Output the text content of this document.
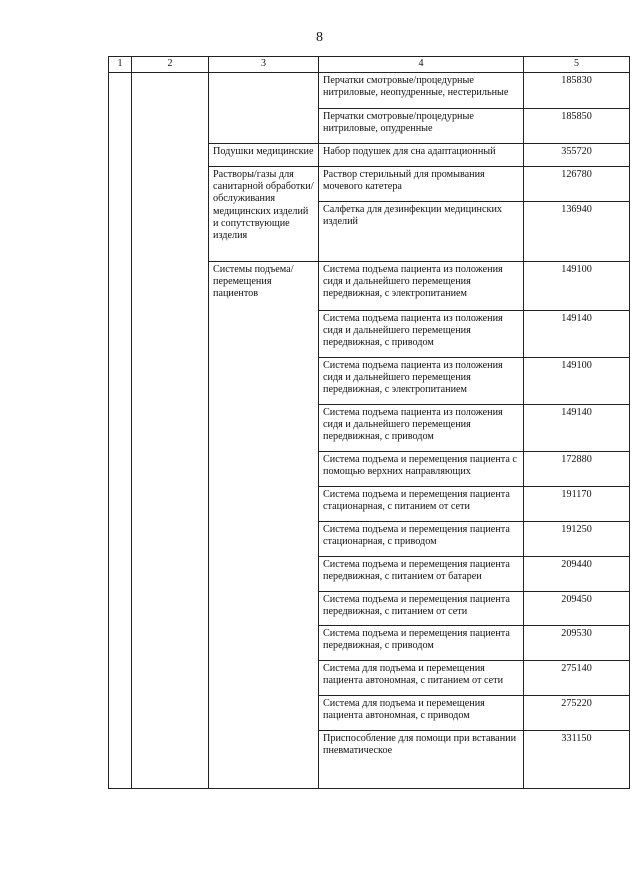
8
1	2	3	4	5
			Перчатки смотровые/процедурные нитриловые, неопудренные, нестерильные	185830
			Перчатки смотровые/процедурные нитриловые, опудренные	185850
		Подушки медицинские	Набор подушек для сна адаптационный	355720
		Растворы/газы для санитарной обработки/обслуживания медицинских изделий и сопутствующие изделия	Раствор стерильный для промывания мочевого катетера	126780
			Салфетка для дезинфекции медицинских изделий	136940
		Системы подъема/перемещения пациентов	Система подъема пациента из положения сидя и дальнейшего перемещения передвижная, с электропитанием	149100
			Система подъема пациента из положения сидя и дальнейшего перемещения передвижная, с приводом	149140
			Система подъема пациента из положения сидя и дальнейшего перемещения передвижная, с электропитанием	149100
			Система подъема пациента из положения сидя и дальнейшего перемещения передвижная, с приводом	149140
			Система подъема и перемещения пациента с помощью верхних направляющих	172880
			Система подъема и перемещения пациента стационарная, с питанием от сети	191170
			Система подъема и перемещения пациента стационарная, с приводом	191250
			Система подъема и перемещения пациента передвижная, с питанием от батареи	209440
			Система подъема и перемещения пациента передвижная, с питанием от сети	209450
			Система подъема и перемещения пациента передвижная, с приводом	209530
			Система для подъема и перемещения пациента автономная, с питанием от сети	275140
			Система для подъема и перемещения пациента автономная, с приводом	275220
			Приспособление для помощи при вставании пневматическое	331150
